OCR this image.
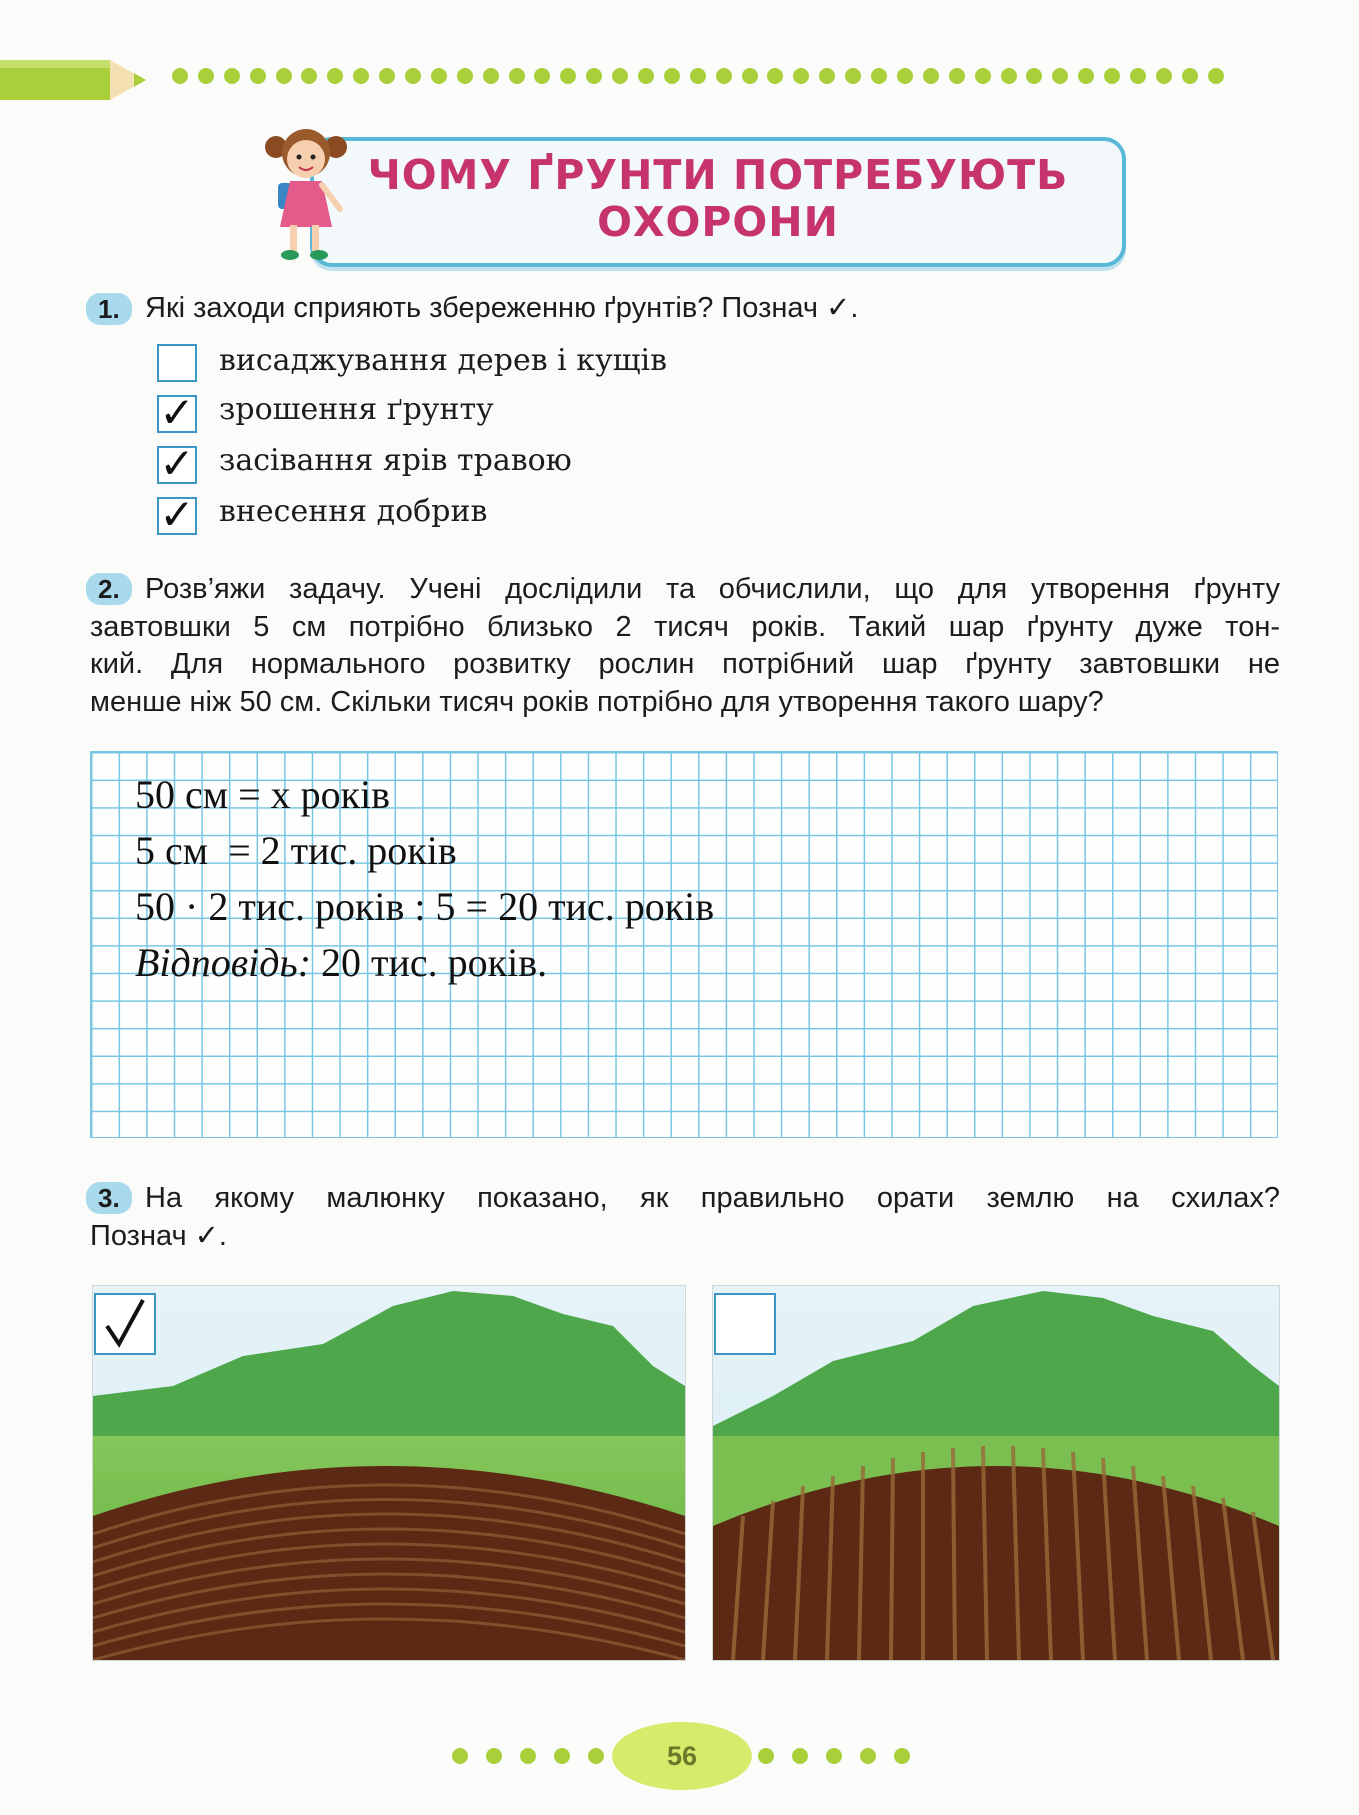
ЧОМУ ҐРУНТИ ПОТРЕБУЮТЬ
ОХОРОНИ
1. Які заходи сприяють збереженню ґрунтів? Познач ✓.
висаджування дерев і кущів
✓ зрошення ґрунту
✓ засівання ярів травою
✓ внесення добрив
2. Розв’яжи задачу. Учені дослідили та обчислили, що для утворення ґрунту
завтовшки 5 см потрібно близько 2 тисяч років. Такий шар ґрунту дуже тон-
кий. Для нормального розвитку рослин потрібний шар ґрунту завтовшки не
менше ніж 50 см. Скільки тисяч років потрібно для утворення такого шару?
50 см = х років
5 см  = 2 тис. років
50 · 2 тис. років : 5 = 20 тис. років
Відповідь: 20 тис. років.
3. На якому малюнку показано, як правильно орати землю на схилах?
Познач ✓.
56
